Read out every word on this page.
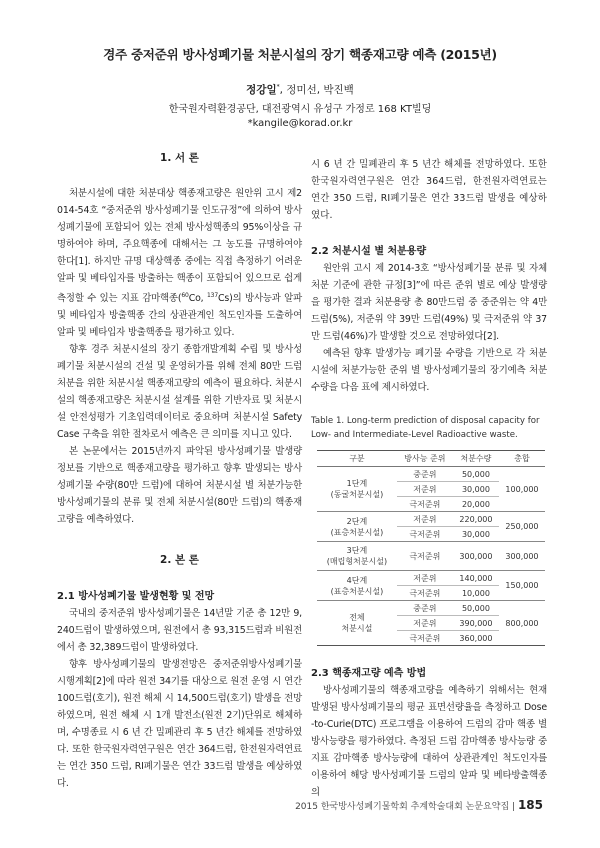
경주 중저준위 방사성폐기물 처분시설의 장기 핵종재고량 예측 (2015년)
정강일*, 정미선, 박진백
한국원자력환경공단, 대전광역시 유성구 가정로 168 KT빌딩
*kangile@korad.or.kr
1. 서 론

처분시설에 대한 처분대상 핵종재고량은 원안위 고시 제2014-54호 “중저준위 방사성폐기물 인도규정”에 의하여 방사성폐기물에 포함되어 있는 전체 방사성핵종의 95%이상을 규명하여야 하며, 주요핵종에 대해서는 그 농도를 규명하여야 한다[1]. 하지만 규명 대상핵종 중에는 직접 측정하기 어려운 알파 및 베타입자를 방출하는 핵종이 포함되어 있으므로 쉽게 측정할 수 있는 지표 감마핵종($^{60}$Co, $^{137}$Cs)의 방사능과 알파 및 베타입자 방출핵종 간의 상관관계인 척도인자를 도출하여 알파 및 베타입자 방출핵종을 평가하고 있다.

향후 경주 처분시설의 장기 종합개발계획 수립 및 방사성폐기물 처분시설의 건설 및 운영허가를 위해 전체 80만 드럼 처분을 위한 처분시설 핵종재고량의 예측이 필요하다. 처분시설의 핵종재고량은 처분시설 설계를 위한 기반자료 및 처분시설 안전성평가 기초입력데이터로 중요하며 처분시설 Safety Case 구축을 위한 절차로서 예측은 큰 의미를 지니고 있다.

본 논문에서는 2015년까지 파악된 방사성폐기물 발생량 정보를 기반으로 핵종재고량을 평가하고 향후 발생되는 방사성폐기물 수량(80만 드럼)에 대하여 처분시설 별 처분가능한 방사성폐기물의 분류 및 전체 처분시설(80만 드럼)의 핵종재고량을 예측하였다.

2. 본 론
2.1 방사성폐기물 발생현황 및 전망

국내의 중저준위 방사성폐기물은 14년말 기준 총 12만 9,240드럼이 발생하였으며, 원전에서 총 93,315드럼과 비원전에서 총 32,389드럼이 발생하였다.

향후 방사성폐기물의 발생전망은 중저준위방사성폐기물 시행계획[2]에 따라 원전 34기를 대상으로 원전 운영 시 연간 100드럼(호기), 원전 해체 시 14,500드럼(호기) 발생을 전망하였으며, 원전 해체 시 1개 발전소(원전 2기)단위로 해체하며, 수명종료 시 6 년 간 밀폐관리 후 5 년간 해체를 전망하였다. 또한 한국원자력연구원은 연간 364드럼, 한전원자력연료는 연간 350 드럼, RI폐기물은 연간 33드럼 발생을 예상하였다.

시 6 년 간 밀폐관리 후 5 년간 해체를 전망하였다. 또한 한국원자력연구원은 연간 364드럼, 한전원자력연료는 연간 350 드럼, RI폐기물은 연간 33드럼 발생을 예상하였다.

2.2 처분시설 별 처분용량

원안위 고시 제 2014-3호 “방사성폐기물 분류 및 자체처분 기준에 관한 규정[3]”에 따른 준위 별로 예상 발생량을 평가한 결과 처분용량 총 80만드럼 중 중준위는 약 4만 드럼(5%), 저준위 약 39만 드럼(49%) 및 극저준위 약 37만 드럼(46%)가 발생할 것으로 전망하였다[2].

예측된 향후 발생가능 폐기물 수량을 기반으로 각 처분시설에 처분가능한 준위 별 방사성폐기물의 장기예측 처분수량을 다음 표에 제시하였다.

Table 1. Long-term prediction of disposal capacity for Low- and Intermediate-Level Radioactive waste.
구분	방사능 준위	처분수량	총합
1단계
(동굴처분시설)	중준위	50,000	100,000
	저준위	30,000	
	극저준위	20,000	
2단계
(표층처분시설)	저준위	220,000	250,000
	극저준위	30,000	
3단계
(매립형처분시설)	극저준위	300,000	300,000
4단계
(표층처분시설)	저준위	140,000	150,000
	극저준위	10,000	
전체
처분시설	중준위	50,000	800,000
	저준위	390,000	
	극저준위	360,000	
2.3 핵종재고량 예측 방법

방사성폐기물의 핵종재고량을 예측하기 위해서는 현재 발생된 방사성폐기물의 평균 표면선량율을 측정하고 Dose-to-Curie(DTC) 프로그램을 이용하여 드럼의 감마 핵종 별 방사능량을 평가하였다. 측정된 드럼 감마핵종 방사능량 중 지표 감마핵종 방사능량에 대하여 상관관계인 척도인자를 이용하여 해당 방사성폐기물 드럼의 알파 및 베타방출핵종의

2015 한국방사성폐기물학회 추계학술대회 논문요약집 | 185
